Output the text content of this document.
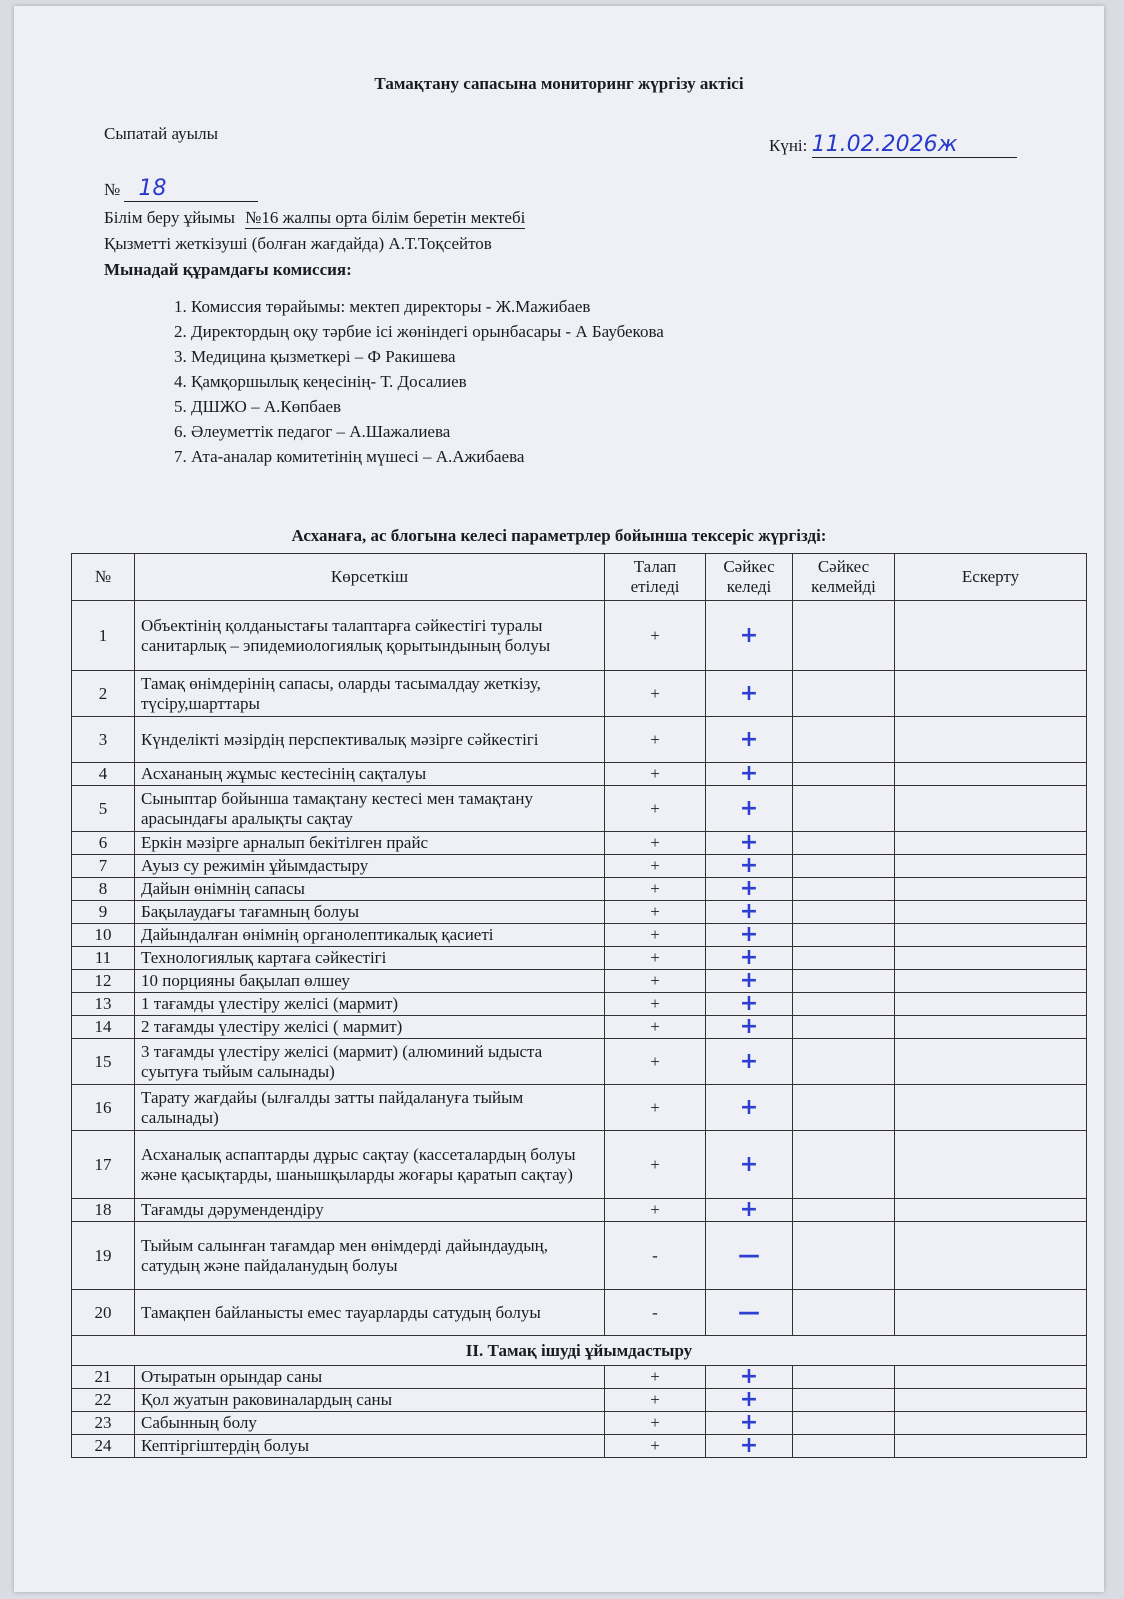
Тамақтану сапасына мониторинг жүргізу актісі
Сыпатай ауылы
Күні: 11.02.2026ж
№ 18
Білім беру ұйымы №16 жалпы орта білім беретін мектебі
Қызметті жеткізуші (болған жағдайда) А.Т.Тоқсейтов
Мынадай құрамдағы комиссия:
1. Комиссия төрайымы: мектеп директоры - Ж.Мажибаев
2. Директордың оқу тәрбие ісі жөніндегі орынбасары - А Баубекова
3. Медицина қызметкері – Ф Ракишева
4. Қамқоршылық кеңесінің- Т. Досалиев
5. ДШЖО – А.Көпбаев
6. Әлеуметтік педагог – А.Шажалиева
7. Ата-аналар комитетінің мүшесі – А.Ажибаева
Асханаға, ас блогына келесі параметрлер бойынша тексеріс жүргізді:
№	Көрсеткіш	Талап етіледі	Сәйкес келеді	Сәйкес келмейді	Ескерту
1	Объектінің қолданыстағы талаптарға сәйкестігі туралы санитарлық – эпидемиологиялық қорытындының болуы	+	+		
2	Тамақ өнімдерінің сапасы, оларды тасымалдау жеткізу, түсіру,шарттары	+	+		
3	Күнделікті мәзірдің перспективалық мәзірге сәйкестігі	+	+		
4	Асхананың жұмыс кестесінің сақталуы	+	+		
5	Сыныптар бойынша тамақтану кестесі мен тамақтану арасындағы аралықты сақтау	+	+		
6	Еркін мәзірге арналып бекітілген прайс	+	+		
7	Ауыз су режимін ұйымдастыру	+	+		
8	Дайын өнімнің сапасы	+	+		
9	Бақылаудағы тағамның болуы	+	+		
10	Дайындалған өнімнің органолептикалық қасиеті	+	+		
11	Технологиялық картаға сәйкестігі	+	+		
12	10 порцияны бақылап өлшеу	+	+		
13	1 тағамды үлестіру желісі (мармит)	+	+		
14	2 тағамды үлестіру желісі ( мармит)	+	+		
15	3 тағамды үлестіру желісі (мармит) (алюминий ыдыста суытуға тыйым салынады)	+	+		
16	Тарату жағдайы (ылғалды затты пайдалануға тыйым салынады)	+	+		
17	Асханалық аспаптарды дұрыс сақтау (кассеталардың болуы және қасықтарды, шанышқыларды жоғары қаратып сақтау)	+	+		
18	Тағамды дәрумендендіру	+	+		
19	Тыйым салынған тағамдар мен өнімдерді дайындаудың, сатудың және пайдаланудың болуы	-	—		
20	Тамақпен байланысты емес тауарларды сатудың болуы	-	—		
II. Тамақ ішуді ұйымдастыру					
21	Отыратын орындар саны	+	+		
22	Қол жуатын раковиналардың саны	+	+		
23	Сабынның болу	+	+		
24	Кептіргіштердің болуы	+	+		
